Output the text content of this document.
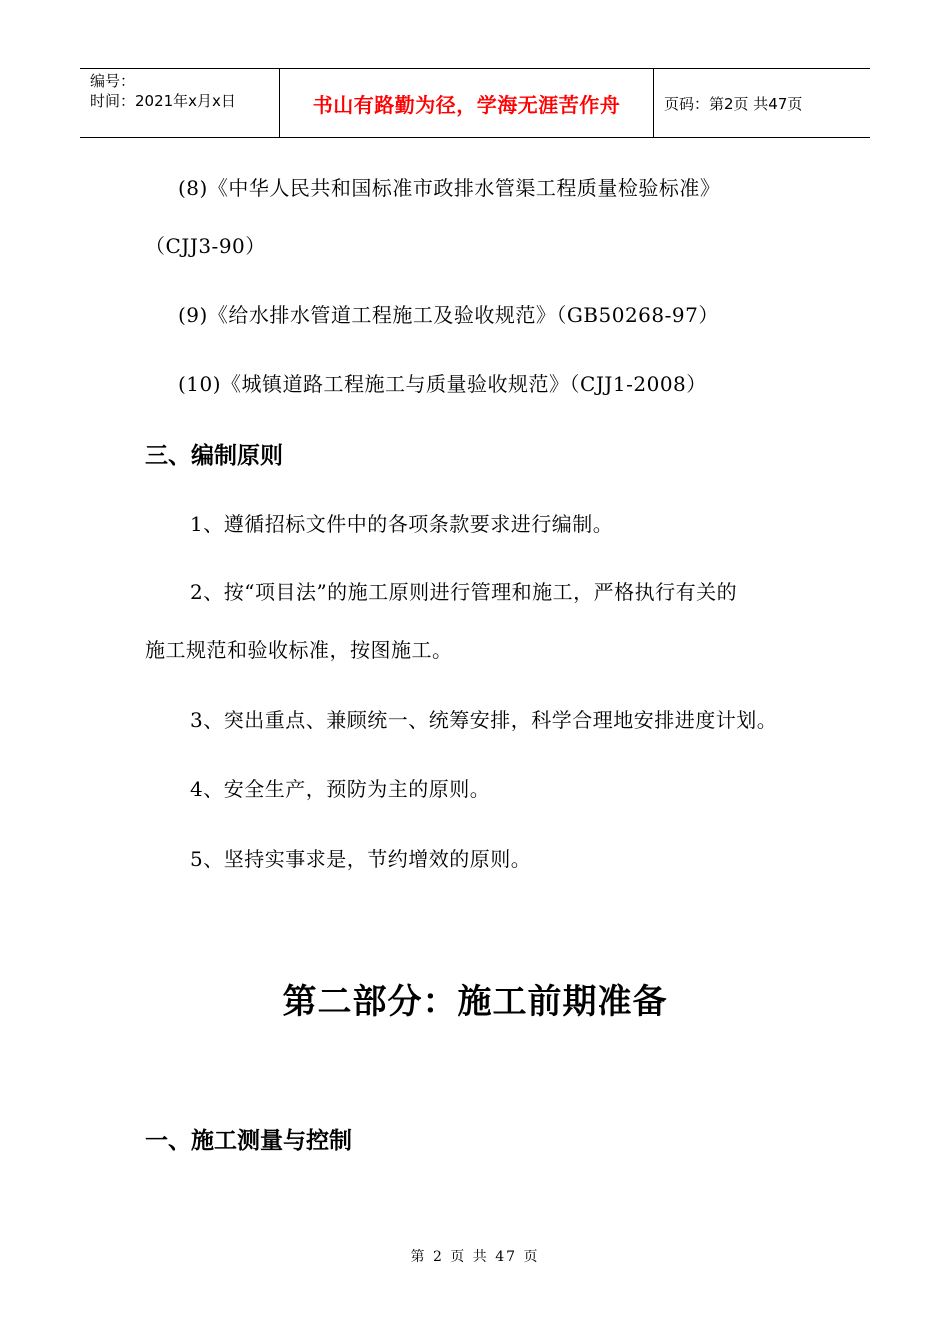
编号：
时间：2021年x月x日	书山有路勤为径，学海无涯苦作舟	页码：第2页 共47页
(8)《中华人民共和国标准市政排水管渠工程质量检验标准》
（CJJ3-90）
(9)《给水排水管道工程施工及验收规范》（GB50268-97）
(10)《城镇道路工程施工与质量验收规范》（CJJ1-2008）
三、编制原则
1、遵循招标文件中的各项条款要求进行编制。
2、按“项目法”的施工原则进行管理和施工，严格执行有关的
施工规范和验收标准，按图施工。
3、突出重点、兼顾统一、统筹安排，科学合理地安排进度计划。
4、安全生产，预防为主的原则。
5、坚持实事求是，节约增效的原则。
第二部分：施工前期准备
一、施工测量与控制
第 2 页 共 47 页
